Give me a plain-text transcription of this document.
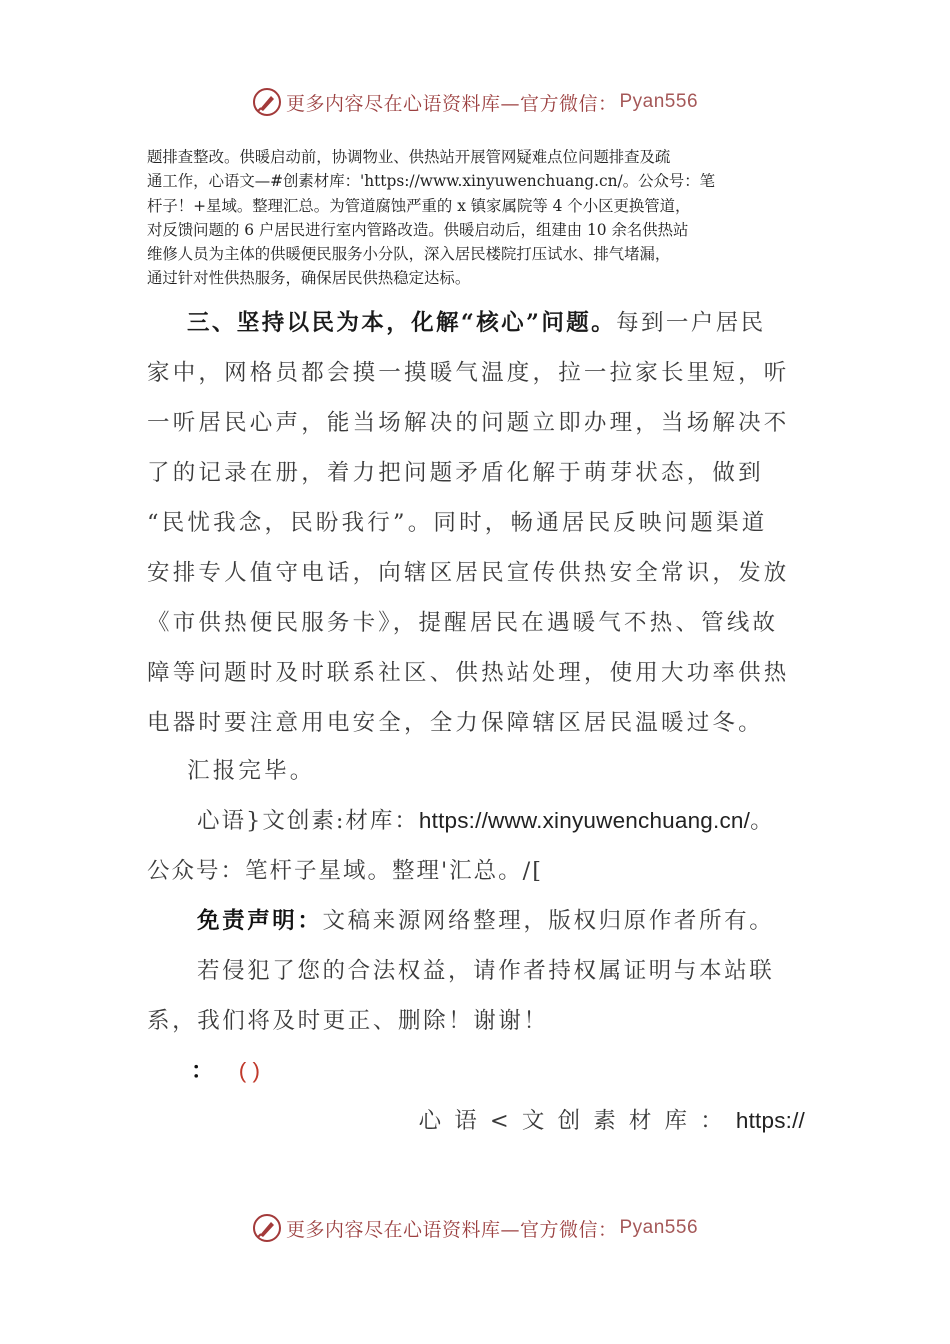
更多内容尽在心语资料库—官方微信： Pyan556

题排查整改。供暖启动前，协调物业、供热站开展管网疑难点位问题排查及疏

通工作，心语文—#创素材库：'https://www.xinyuwenchuang.cn/。公众号：笔

杆子！+星域。整理汇总。为管道腐蚀严重的 x 镇家属院等 4 个小区更换管道，

对反馈问题的 6 户居民进行室内管路改造。供暖启动后，组建由 10 余名供热站

维修人员为主体的供暖便民服务小分队，深入居民楼院打压试水、排气堵漏，

通过针对性供热服务，确保居民供热稳定达标。

三、坚持以民为本，化解“核心”问题。每到一户居民

家中，网格员都会摸一摸暖气温度，拉一拉家长里短，听

一听居民心声，能当场解决的问题立即办理，当场解决不

了的记录在册，着力把问题矛盾化解于萌芽状态，做到

“民忧我念，民盼我行”。同时，畅通居民反映问题渠道

安排专人值守电话，向辖区居民宣传供热安全常识，发放

《市供热便民服务卡》，提醒居民在遇暖气不热、管线故

障等问题时及时联系社区、供热站处理，使用大功率供热

电器时要注意用电安全，全力保障辖区居民温暖过冬。

汇报完毕。

心语}文创素:材库：https://www.xinyuwenchuang.cn/。

公众号：笔杆子星域。整理'汇总。/[

免责声明：文稿来源网络整理，版权归原作者所有。

若侵犯了您的合法权益，请作者持权属证明与本站联

系，我们将及时更正、删除！谢谢！

： ( )

心 语 < 文 创 素 材 库 ： https://

更多内容尽在心语资料库—官方微信： Pyan556
